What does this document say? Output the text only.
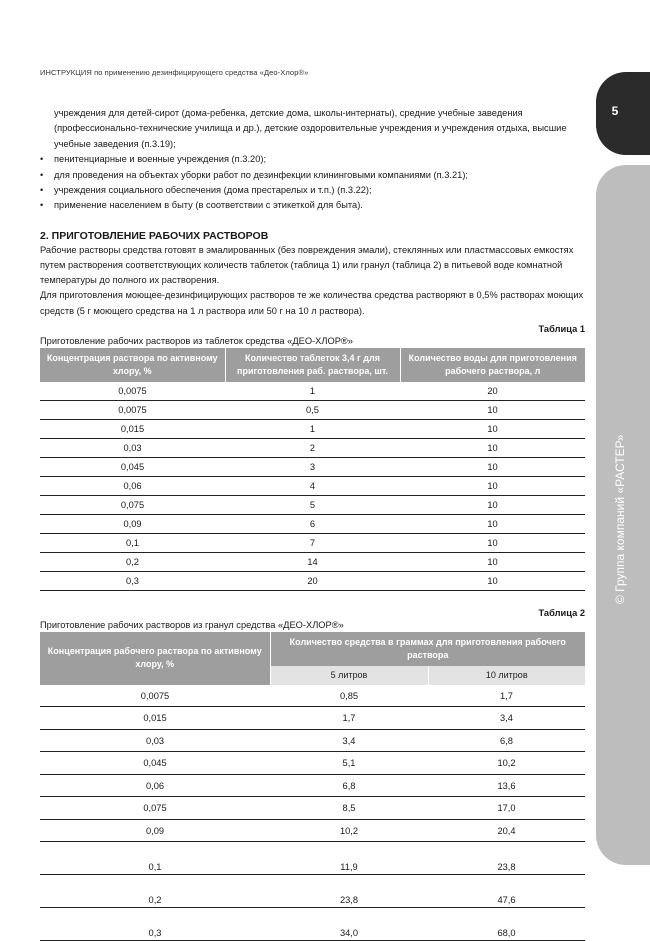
ИНСТРУКЦИЯ по применению дезинфицирующего средства «Део-Хлор®»
5
© Группа компаний «РАСТЕР»
учреждения для детей-сирот (дома-ребенка, детские дома, школы-интернаты), средние учебные заведения (профессионально-технические училища и др.), детские оздоровительные учреждения и учреждения отдыха, высшие учебные заведения (п.3.19);
•	пенитенциарные и военные учреждения (п.3.20);
•	для проведения на объектах уборки работ по дезинфекции клининговыми компаниями (п.3.21);
•	учреждения социального обеспечения (дома престарелых и т.п.) (п.3.22);
•	применение населением в быту (в соответствии с этикеткой для быта).
2. ПРИГОТОВЛЕНИЕ РАБОЧИХ РАСТВОРОВ
Рабочие растворы средства готовят в эмалированных (без повреждения эмали), стеклянных или пластмассовых емкостях путем растворения соответствующих количеств таблеток (таблица 1) или гранул (таблица 2) в питьевой воде комнатной температуры до полного их растворения.
Для приготовления моющее-дезинфицирующих растворов те же количества средства растворяют в 0,5% растворах моющих средств (5 г моющего средства на 1 л раствора или 50 г на 10 л раствора).
Таблица 1
Приготовление рабочих растворов из таблеток средства «ДЕО-ХЛОР®»
Концентрация раствора по активному хлору, %	Количество таблеток 3,4 г для приготовления раб. раствора, шт.	Количество воды для приготовления рабочего раствора, л
0,0075	1	20
0,0075	0,5	10
0,015	1	10
0,03	2	10
0,045	3	10
0,06	4	10
0,075	5	10
0,09	6	10
0,1	7	10
0,2	14	10
0,3	20	10
Таблица 2
Приготовление рабочих растворов из гранул средства «ДЕО-ХЛОР®»
Концентрация рабочего раствора по активному хлору, %	Количество средства в граммах для приготовления рабочего раствора	
	5 литров	10 литров
0,0075	0,85	1,7
0,015	1,7	3,4
0,03	3,4	6,8
0,045	5,1	10,2
0,06	6,8	13,6
0,075	8,5	17,0
0,09	10,2	20,4
0,1	11,9	23,8
0,2	23,8	47,6
0,3	34,0	68,0
